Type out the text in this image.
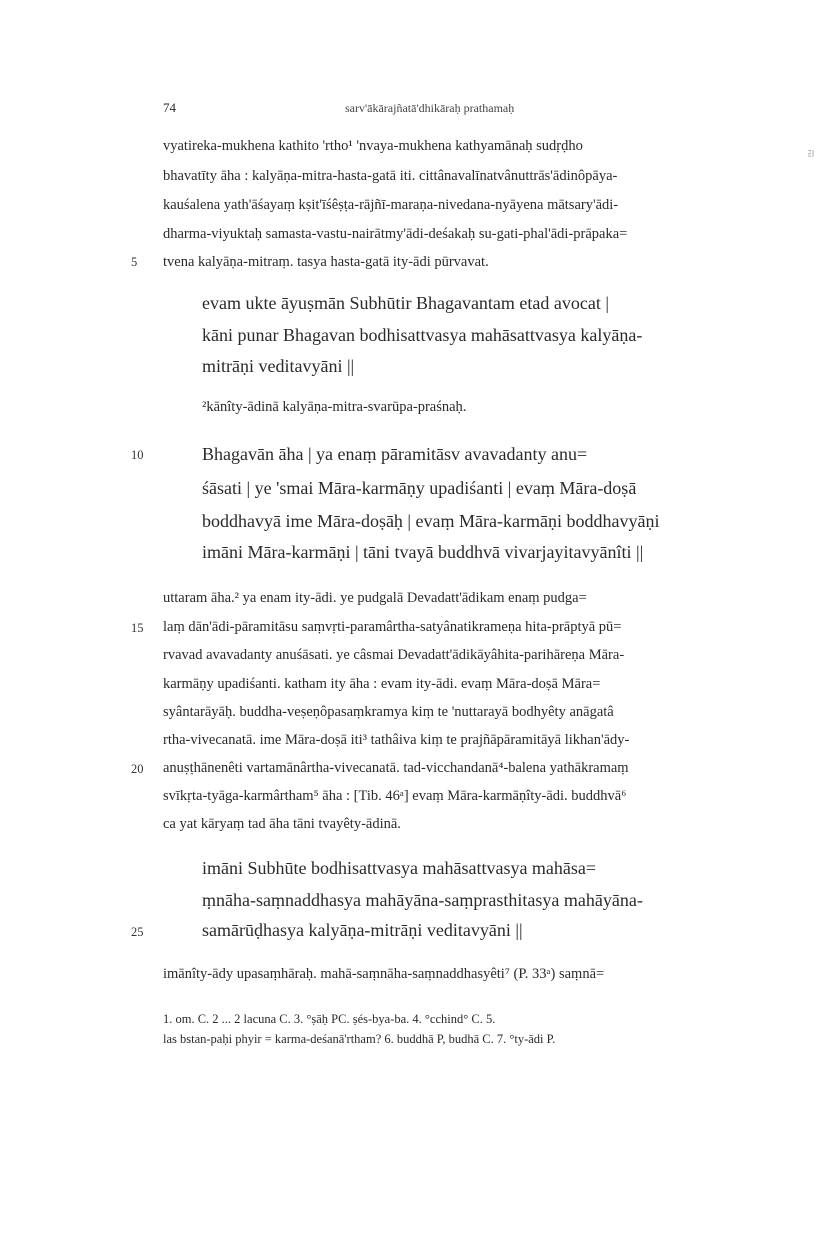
74	sarv'ākārajñatā'dhikāraḥ prathamaḥ
O 55
vyatireka-mukhena kathito 'rtho¹ 'nvaya-mukhena kathyamānaḥ sudṛḍho
bhavatīty āha : kalyāṇa-mitra-hasta-gatā iti. cittânavalīnatvânuttrās'ādinôpāya-
kauśalena yath'āśayaṃ kṣit'īśêṣṭa-rājñī-maraṇa-nivedana-nyāyena mātsary'ādi-
dharma-viyuktaḥ samasta-vastu-nairātmy'ādi-deśakaḥ su-gati-phal'ādi-prāpaka=
5 tvena kalyāṇa-mitraṃ. tasya hasta-gatā ity-ādi pūrvavat.
evam ukte āyuṣmān Subhūtir Bhagavantam etad avocat |
kāni punar Bhagavan bodhisattvasya mahāsattvasya kalyāṇa-
mitrāṇi veditavyāni ||
²kānîty-ādinā kalyāṇa-mitra-svarūpa-praśnaḥ.
10	Bhagavān āha | ya enaṃ pāramitāsv avavadanty anu=
śāsati | ye 'smai Māra-karmāṇy upadiśanti | evaṃ Māra-doṣā
boddhavyā ime Māra-doṣāḥ | evaṃ Māra-karmāṇi boddhavyāṇi
imāni Māra-karmāṇi | tāni tvayā buddhvā vivarjayitavyānîti ||
uttaram āha.² ya enam ity-ādi. ye pudgalā Devadatt'ādikam enaṃ pudga=
15 laṃ dān'ādi-pāramitāsu saṃvṛti-paramârtha-satyânatikrameṇa hita-prāptyā pū=
rvavad avavadanty anuśāsati. ye câsmai Devadatt'ādikāyâhita-parihāreṇa Māra-
karmāṇy upadiśanti. katham ity āha : evam ity-ādi. evaṃ Māra-doṣā Māra=
syântarāyāḥ. buddha-veṣeṇôpasaṃkramya kiṃ te 'nuttarayā bodhyêty anāgatâ
rtha-vivecanatā. ime Māra-doṣā iti³ tathâiva kiṃ te prajñāpāramitāyā likhan'ādy-
20 anuṣṭhānenêti vartamānârtha-vivecanatā. tad-vicchandanā⁴-balena yathākramaṃ
svīkṛta-tyāga-karmârtham⁵ āha : [Tib. 46ᵃ] evaṃ Māra-karmāṇîty-ādi. buddhvā⁶
ca yat kāryaṃ tad āha tāni tvayêty-ādinā.
imāni Subhūte bodhisattvasya mahāsattvasya mahāsa=
ṃnāha-saṃnaddhasya mahāyāna-saṃprasthitasya mahāyāna-
25	samārūḍhasya kalyāṇa-mitrāṇi veditavyāni ||
imānîty-ādy upasaṃhāraḥ. mahā-saṃnāha-saṃnaddhasyêti⁷ (P. 33ᵃ) saṃnā=
1. om. C. 2 ... 2 lacuna C. 3. °ṣāḥ PC. ṣés-bya-ba. 4. °cchind° C. 5.
las bstan-paḥi phyir = karma-deśanā'rtham? 6. buddhā P, budhā C. 7. °ty-ādi P.
